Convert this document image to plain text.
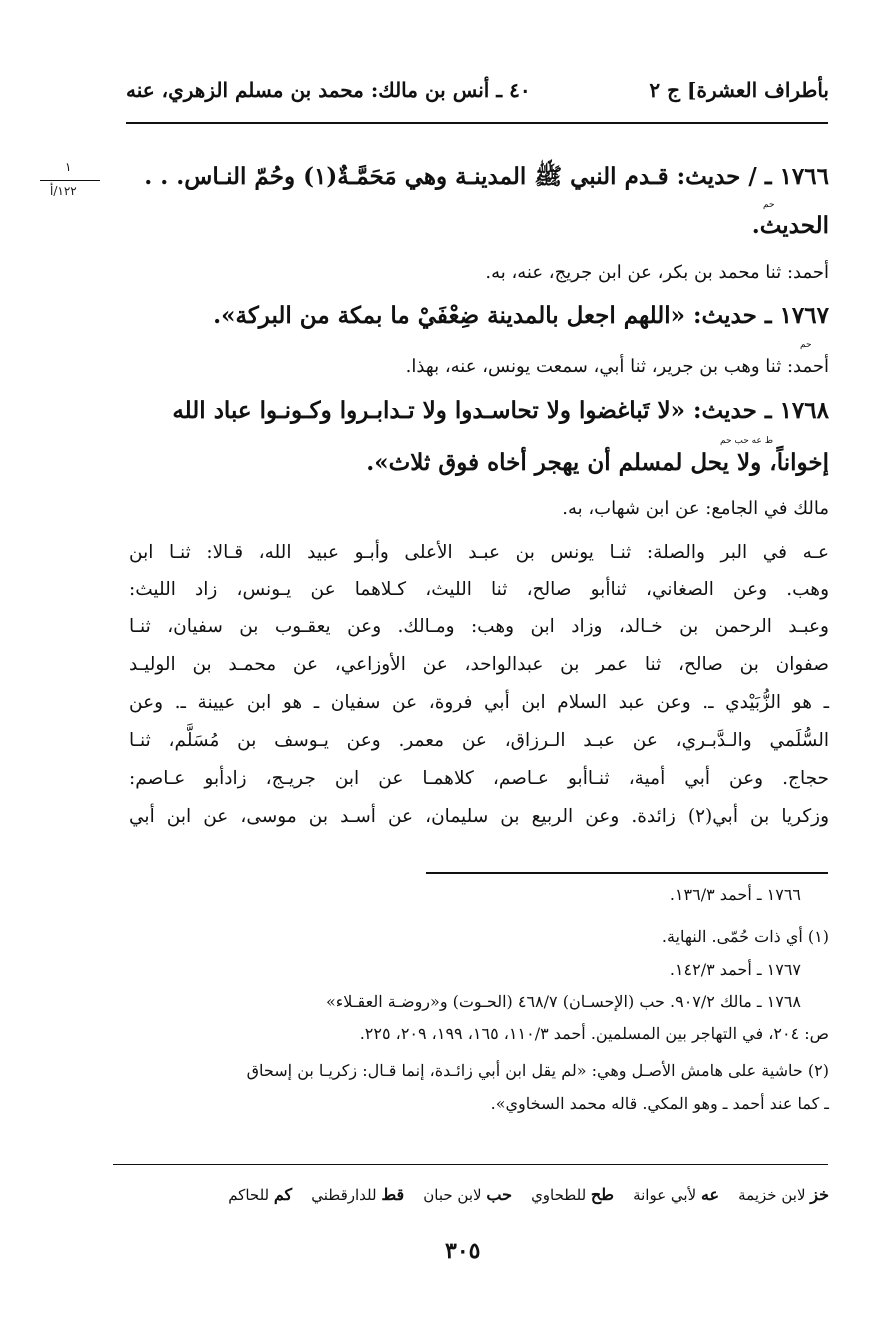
بأطراف العشرة] ج ٢
٤٠ ـ أنس بن مالك: محمد بن مسلم الزهري، عنه
١
١٢٢/أ
١٧٦٦ ـ / حديث: قـدم النبي ﷺ المدينـة وهي مَحَمَّـةٌ(١) وحُمّ النـاس. . .
حم
الحديث.
أحمد: ثنا محمد بن بكر، عن ابن جريج، عنه، به.
١٧٦٧ ـ حديث: «اللهم اجعل بالمدينة ضِعْفَيْ ما بمكة من البركة».
حم
أحمد: ثنا وهب بن جرير، ثنا أبي، سمعت يونس، عنه، بهذا.
١٧٦٨ ـ حديث: «لا تَباغضوا ولا تحاسـدوا ولا تـدابـروا وكـونـوا عباد الله
ط عه حب حم
إخواناً، ولا يحل لمسلم أن يهجر أخاه فوق ثلاث».
مالك في الجامع: عن ابن شهاب، به.
عـه في البر والصلة: ثنـا يونس بن عبـد الأعلى وأبـو عبيد الله، قـالا: ثنـا ابن
وهب. وعن الصغاني، ثناأبو صالح، ثنا الليث، كـلاهما عن يـونس، زاد الليث:
وعبـد الرحمن بن خـالد، وزاد ابن وهب: ومـالك. وعن يعقـوب بن سفيان، ثنـا
صفوان بن صالح، ثنا عمر بن عبدالواحد، عن الأوزاعي، عن محمـد بن الوليـد
ـ هو الزُّبَيْدي ـ. وعن عبد السلام ابن أبي فروة، عن سفيان ـ هو ابن عيينة ـ. وعن
السُّلَمي والـدَّبـري، عن عبـد الـرزاق، عن معمر. وعن يـوسف بن مُسَلَّم، ثنـا
حجاج. وعن أبي أمية، ثنـاأبو عـاصم، كلاهمـا عن ابن جريـج، زادأبو عـاصم:
وزكريا بن أبي(٢) زائدة. وعن الربيع بن سليمان، عن أسـد بن موسى، عن ابن أبي
١٧٦٦ ـ أحمد ١٣٦/٣.
(١) أي ذات حُمّى. النهاية.
١٧٦٧ ـ أحمد ١٤٢/٣.
١٧٦٨ ـ مالك ٩٠٧/٢. حب (الإحسـان) ٤٦٨/٧ (الحـوت) و«روضـة العقـلاء»
ص: ٢٠٤، في التهاجر بين المسلمين. أحمد ١١٠/٣، ١٦٥، ١٩٩، ٢٠٩، ٢٢٥.
(٢) حاشية على هامش الأصـل وهي: «لم يقل ابن أبي زائـدة، إنما قـال: زكريـا بن إسحاق
ـ كما عند أحمد ـ وهو المكي. قاله محمد السخاوي».
خز لابن خزيمة    عه لأبي عوانة    طح للطحاوي    حب لابن حبان    قط للدارقطني    كم للحاكم
٣٠٥
